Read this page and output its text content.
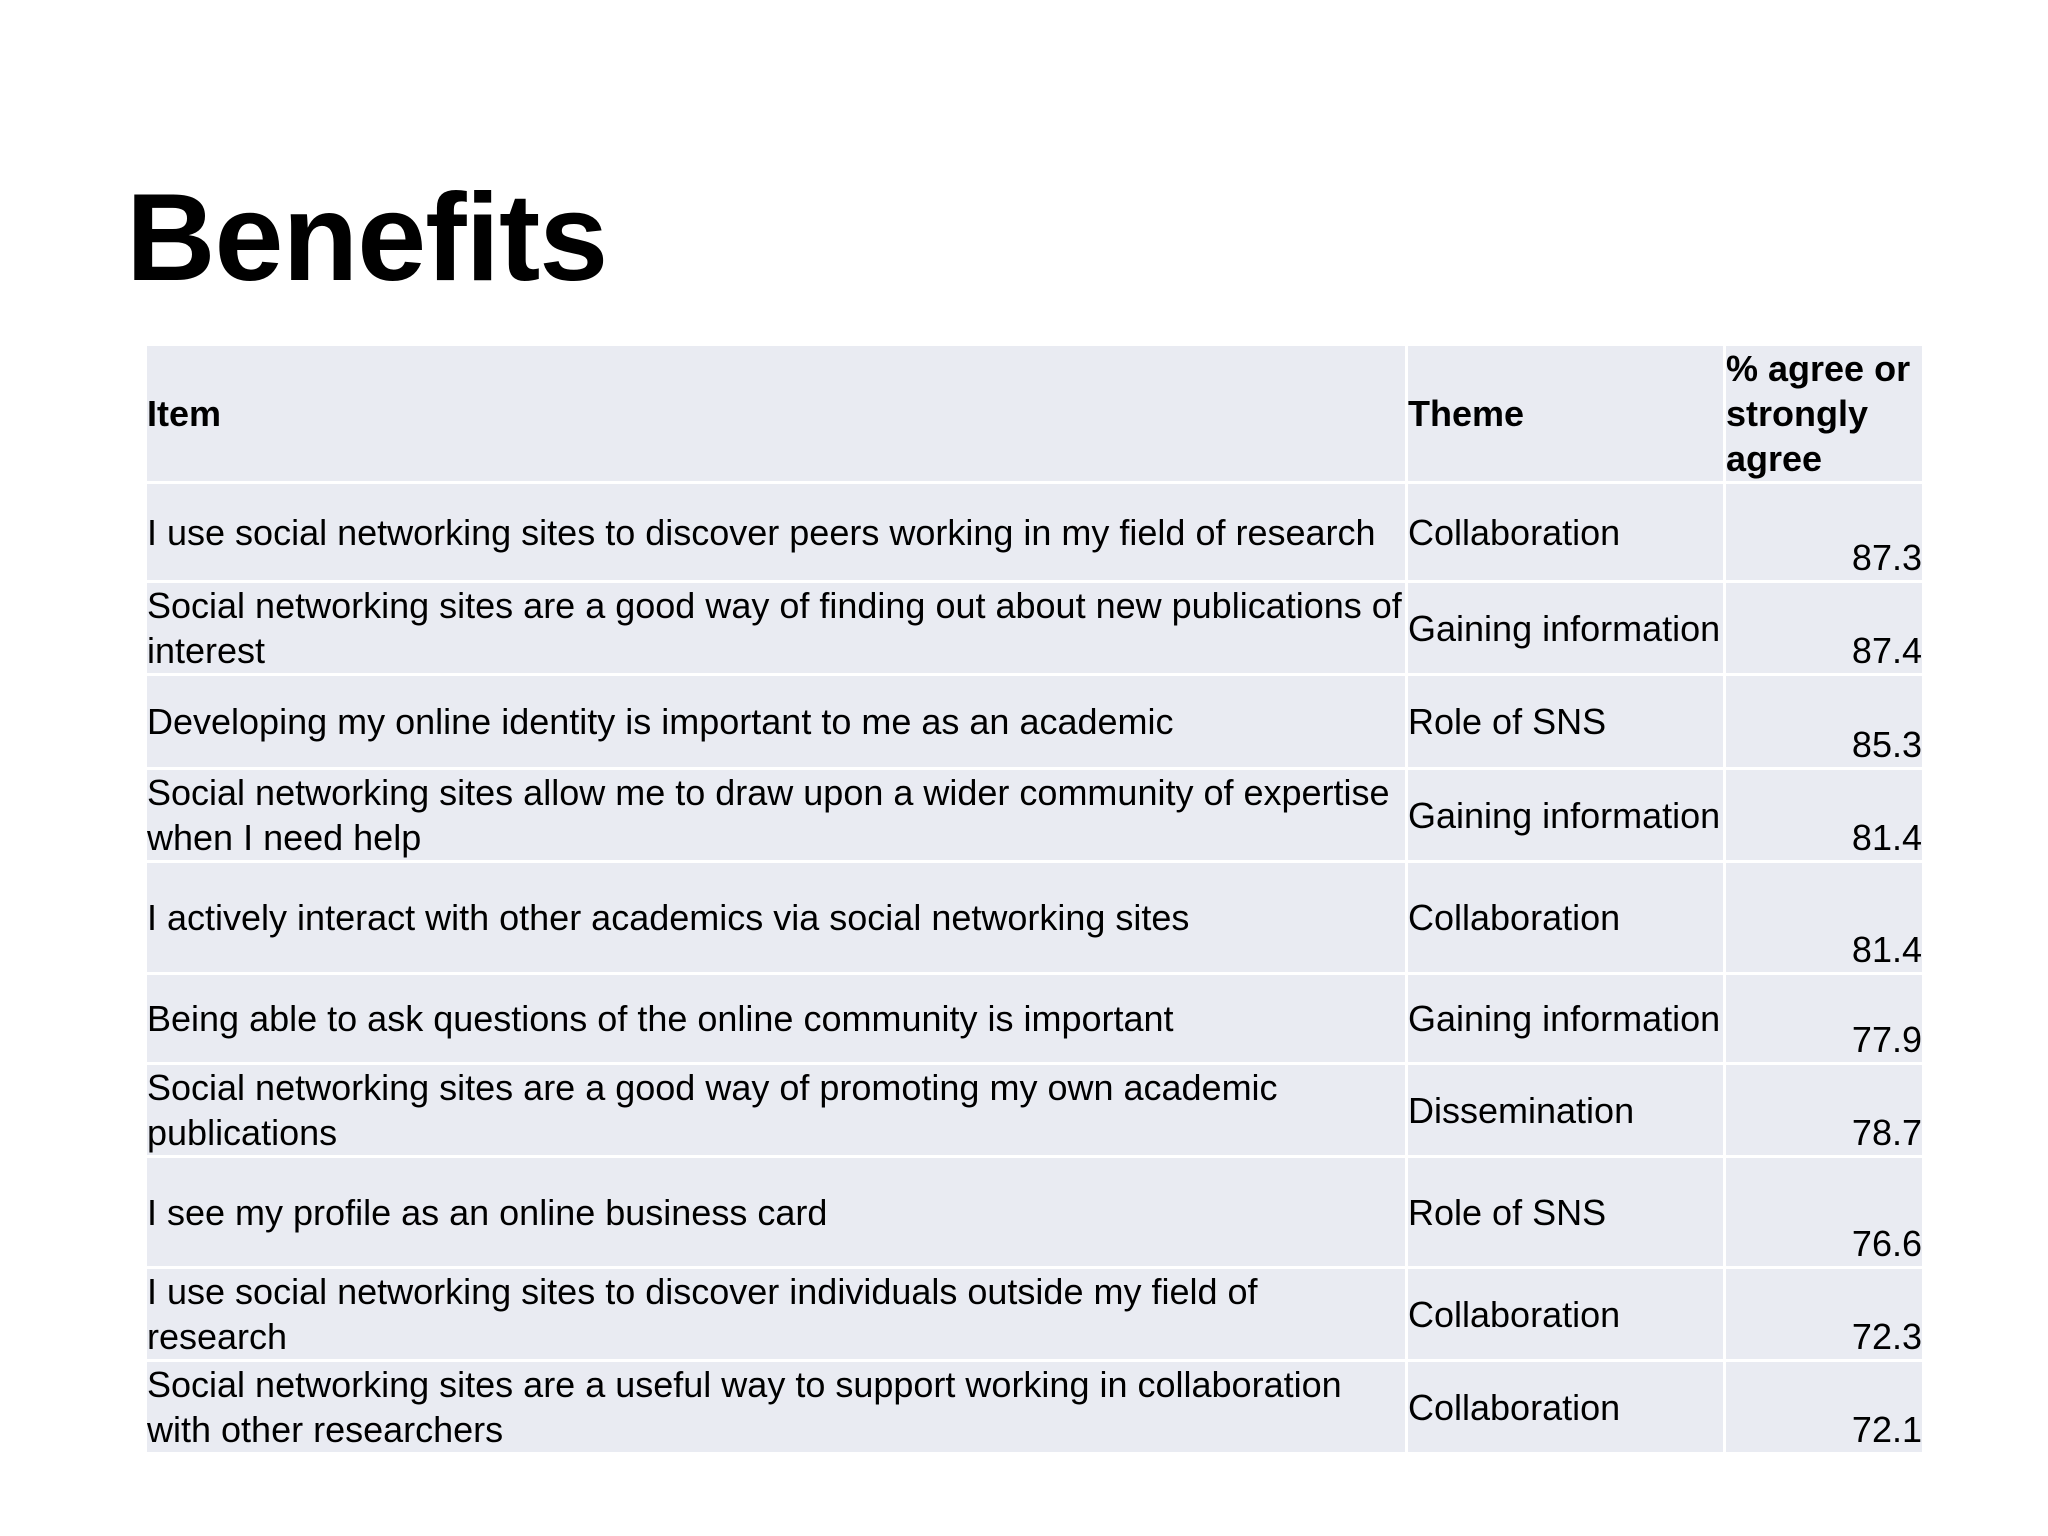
Benefits
Item	Theme	% agree or strongly agree

I use social networking sites to discover peers working in my field of research	Collaboration	87.3
Social networking sites are a good way of finding out about new publications of interest	Gaining information	87.4
Developing my online identity is important to me as an academic	Role of SNS	85.3
Social networking sites allow me to draw upon a wider community of expertise when I need help	Gaining information	81.4
I actively interact with other academics via social networking sites	Collaboration	81.4
Being able to ask questions of the online community is important	Gaining information	77.9
Social networking sites are a good way of promoting my own academic publications	Dissemination	78.7
I see my profile as an online business card	Role of SNS	76.6
I use social networking sites to discover individuals outside my field of research	Collaboration	72.3
Social networking sites are a useful way to support working in collaboration with other researchers	Collaboration	72.1
